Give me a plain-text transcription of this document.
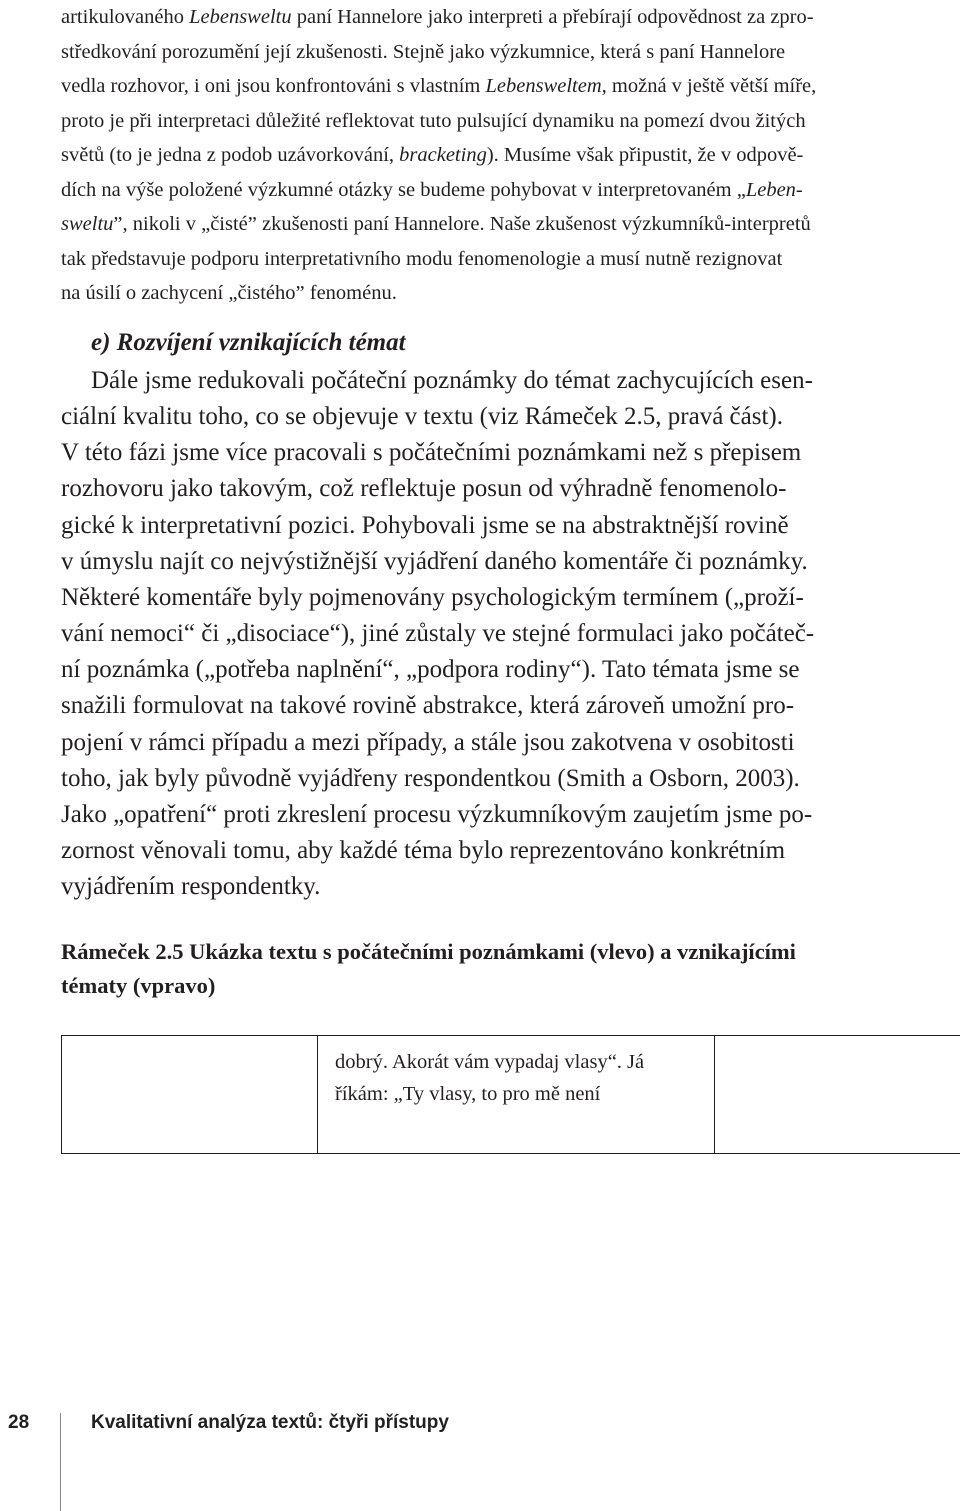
artikulovaného Lebensweltu paní Hannelore jako interpreti a přebírají odpovědnost za zpro-
středkování porozumění její zkušenosti. Stejně jako výzkumnice, která s paní Hannelore
vedla rozhovor, i oni jsou konfrontováni s vlastním Lebensweltem, možná v ještě větší míře,
proto je při interpretaci důležité reflektovat tuto pulsující dynamiku na pomezí dvou žitých
světů (to je jedna z podob uzávorkování, bracketing). Musíme však připustit, že v odpově-
dích na výše položené výzkumné otázky se budeme pohybovat v interpretovaném „Leben-
sweltu”, nikoli v „čisté” zkušenosti paní Hannelore. Naše zkušenost výzkumníků-interpretů
tak představuje podporu interpretativního modu fenomenologie a musí nutně rezignovat
na úsilí o zachycení „čistého” fenoménu.
e) Rozvíjení vznikajících témat
Dále jsme redukovali počáteční poznámky do témat zachycujících esen-
ciální kvalitu toho, co se objevuje v textu (viz Rámeček 2.5, pravá část).
V této fázi jsme více pracovali s počátečními poznámkami než s přepisem
rozhovoru jako takovým, což reflektuje posun od výhradně fenomenolo-
gické k interpretativní pozici. Pohybovali jsme se na abstraktnější rovině
v úmyslu najít co nejvýstižnější vyjádření daného komentáře či poznámky.
Některé komentáře byly pojmenovány psychologickým termínem („proží-
vání nemoci“ či „disociace“), jiné zůstaly ve stejné formulaci jako počáteč-
ní poznámka („potřeba naplnění“, „podpora rodiny“). Tato témata jsme se
snažili formulovat na takové rovině abstrakce, která zároveň umožní pro-
pojení v rámci případu a mezi případy, a stále jsou zakotvena v osobitosti
toho, jak byly původně vyjádřeny respondentkou (Smith a Osborn, 2003).
Jako „opatření“ proti zkreslení procesu výzkumníkovým zaujetím jsme po-
zornost věnovali tomu, aby každé téma bylo reprezentováno konkrétním
vyjádřením respondentky.
Rámeček 2.5 Ukázka textu s počátečními poznámkami (vlevo) a vznikajícími
tématy (vpravo)
dobrý. Akorát vám vypadaj vlasy“. Já
říkám: „Ty vlasy, to pro mě není
28	Kvalitativní analýza textů: čtyři přístupy
